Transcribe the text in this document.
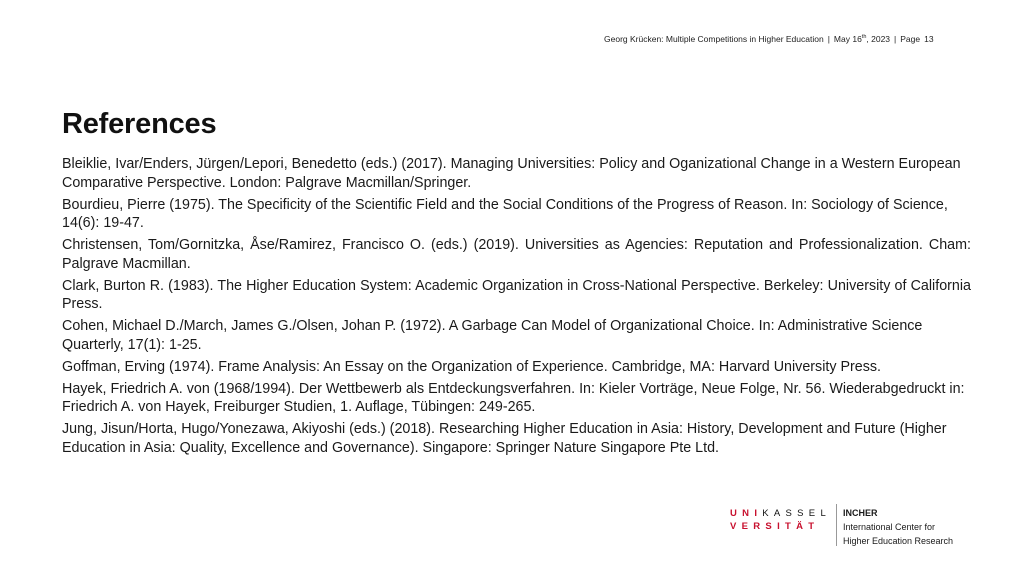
Georg Krücken: Multiple Competitions in Higher Education | May 16th, 2023 | Page 13
References

Bleiklie, Ivar/Enders, Jürgen/Lepori, Benedetto (eds.) (2017). Managing Universities: Policy and Oganizational Change in a Western European Comparative Perspective. London: Palgrave Macmillan/Springer.

Bourdieu, Pierre (1975). The Specificity of the Scientific Field and the Social Conditions of the Progress of Reason. In: Sociology of Science, 14(6): 19-47.

Christensen, Tom/Gornitzka, Åse/Ramirez, Francisco O. (eds.) (2019). Universities as Agencies: Reputation and Professionalization. Cham: Palgrave Macmillan.

Clark, Burton R. (1983). The Higher Education System: Academic Organization in Cross-National Perspective. Berkeley: University of California Press.

Cohen, Michael D./March, James G./Olsen, Johan P. (1972). A Garbage Can Model of Organizational Choice. In: Administrative Science Quarterly, 17(1): 1-25.

Goffman, Erving (1974). Frame Analysis: An Essay on the Organization of Experience. Cambridge, MA: Harvard University Press.

Hayek, Friedrich A. von (1968/1994). Der Wettbewerb als Entdeckungsverfahren. In: Kieler Vorträge, Neue Folge, Nr. 56. Wiederabgedruckt in: Friedrich A. von Hayek, Freiburger Studien, 1. Auflage, Tübingen: 249-265.

Jung, Jisun/Horta, Hugo/Yonezawa, Akiyoshi (eds.) (2018). Researching Higher Education in Asia: History, Development and Future (Higher Education in Asia: Quality, Excellence and Governance). Singapore: Springer Nature Singapore Pte Ltd.

UNIKASSEL
VERSITÄT
INCHER
International Center for
Higher Education Research
